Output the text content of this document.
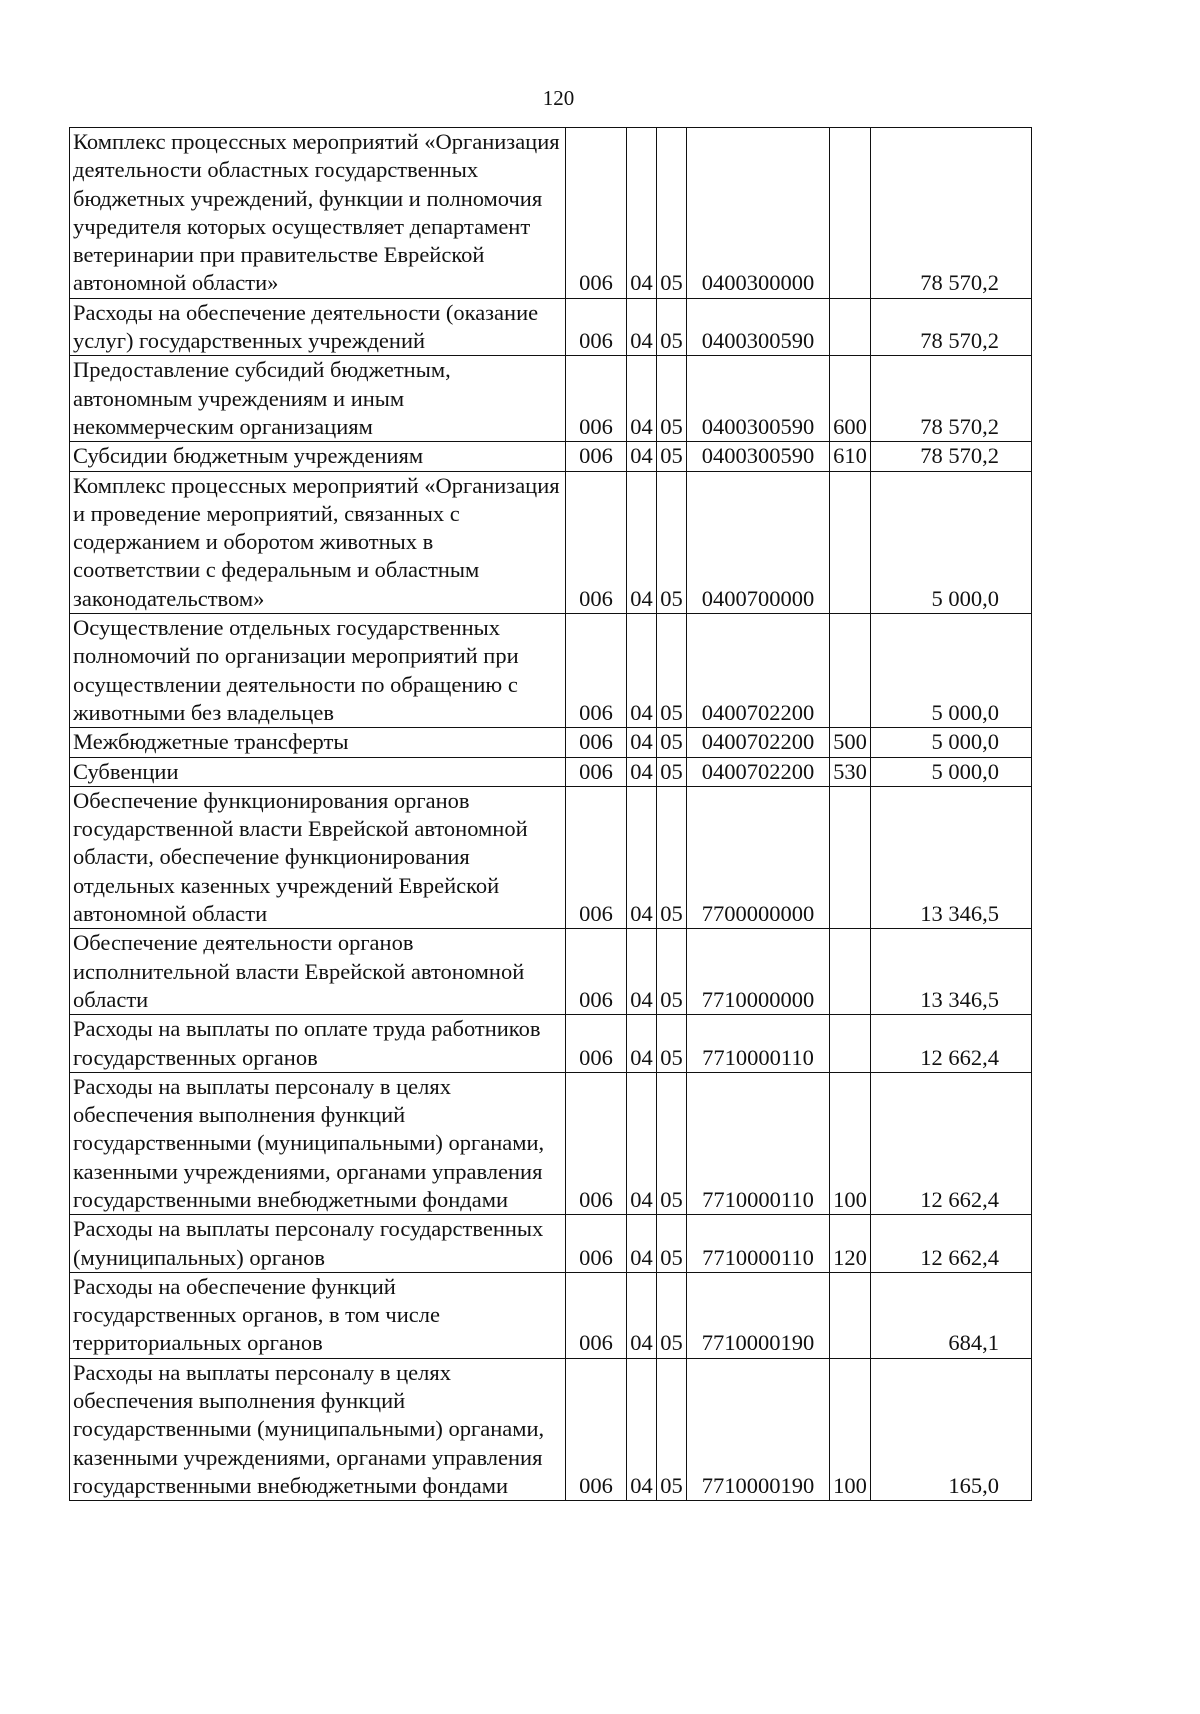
120
Комплекс процессных мероприятий «Организация деятельности областных государственных бюджетных учреждений, функции и полномочия учредителя которых осуществляет департамент ветеринарии при правительстве Еврейской автономной области»	006	04	05	0400300000		78 570,2
Расходы на обеспечение деятельности (оказание услуг) государственных учреждений	006	04	05	0400300590		78 570,2
Предоставление субсидий бюджетным, автономным учреждениям и иным некоммерческим организациям	006	04	05	0400300590	600	78 570,2
Субсидии бюджетным учреждениям	006	04	05	0400300590	610	78 570,2
Комплекс процессных мероприятий «Организация и проведение мероприятий, связанных с содержанием и оборотом животных в соответствии с федеральным и областным законодательством»	006	04	05	0400700000		5 000,0
Осуществление отдельных государственных полномочий по организации мероприятий при осуществлении деятельности по обращению с животными без владельцев	006	04	05	0400702200		5 000,0
Межбюджетные трансферты	006	04	05	0400702200	500	5 000,0
Субвенции	006	04	05	0400702200	530	5 000,0
Обеспечение функционирования органов государственной власти Еврейской автономной области, обеспечение функционирования отдельных казенных учреждений Еврейской автономной области	006	04	05	7700000000		13 346,5
Обеспечение деятельности органов исполнительной власти Еврейской автономной области	006	04	05	7710000000		13 346,5
Расходы на выплаты по оплате труда работников государственных органов	006	04	05	7710000110		12 662,4
Расходы на выплаты персоналу в целях обеспечения выполнения функций государственными (муниципальными) органами, казенными учреждениями, органами управления государственными внебюджетными фондами	006	04	05	7710000110	100	12 662,4
Расходы на выплаты персоналу государственных (муниципальных) органов	006	04	05	7710000110	120	12 662,4
Расходы на обеспечение функций государственных органов, в том числе территориальных органов	006	04	05	7710000190		684,1
Расходы на выплаты персоналу в целях обеспечения выполнения функций государственными (муниципальными) органами, казенными учреждениями, органами управления государственными внебюджетными фондами	006	04	05	7710000190	100	165,0
